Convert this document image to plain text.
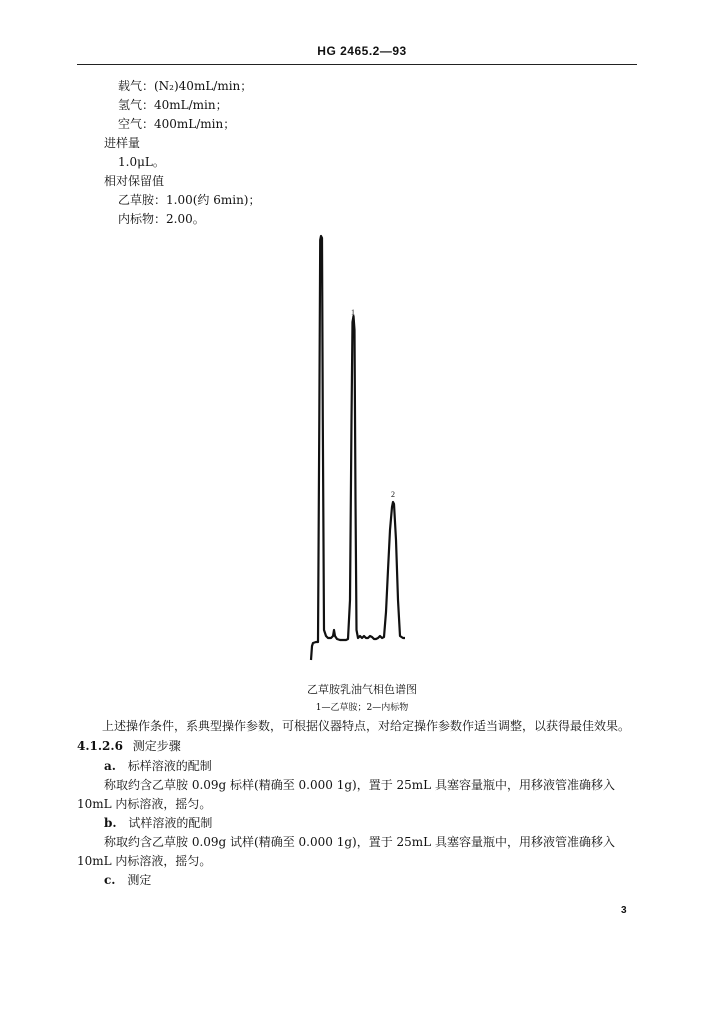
HG 2465.2—93
载气：(N₂)40mL/min；
氢气：40mL/min；
空气：400mL/min；
进样量
1.0μL。
相对保留值
乙草胺：1.00(约 6min)；
内标物：2.00。
1
2
乙草胺乳油气相色谱图
1—乙草胺；2—内标物
上述操作条件，系典型操作参数，可根据仪器特点，对给定操作参数作适当调整，以获得最佳效果。
4.1.2.6 测定步骤
a. 标样溶液的配制
称取约含乙草胺 0.09g 标样(精确至 0.000 1g)，置于 25mL 具塞容量瓶中，用移液管准确移入
10mL 内标溶液，摇匀。
b. 试样溶液的配制
称取约含乙草胺 0.09g 试样(精确至 0.000 1g)，置于 25mL 具塞容量瓶中，用移液管准确移入
10mL 内标溶液，摇匀。
c. 测定
3
